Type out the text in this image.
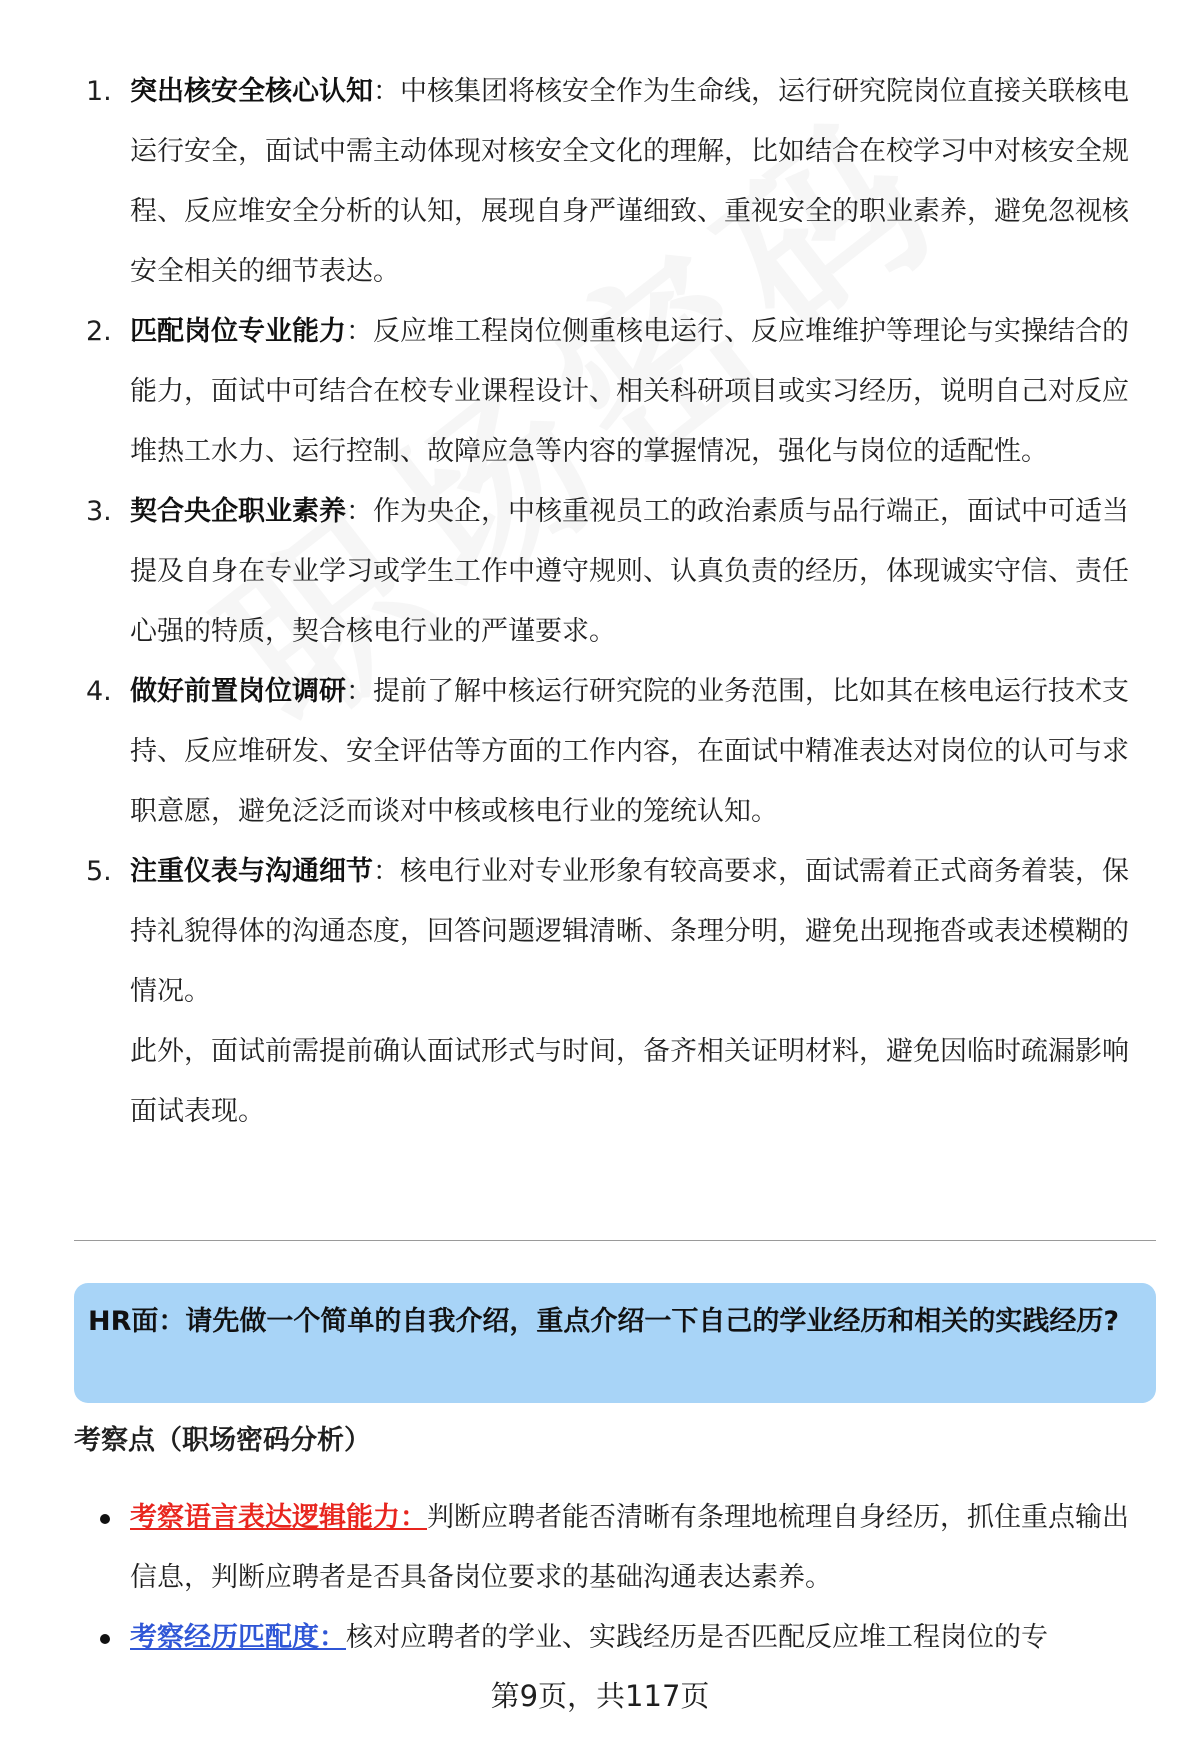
1. 突出核安全核心认知：中核集团将核安全作为生命线，运行研究院岗位直接关联核电运行安全，面试中需主动体现对核安全文化的理解，比如结合在校学习中对核安全规程、反应堆安全分析的认知，展现自身严谨细致、重视安全的职业素养，避免忽视核安全相关的细节表达。
2. 匹配岗位专业能力：反应堆工程岗位侧重核电运行、反应堆维护等理论与实操结合的能力，面试中可结合在校专业课程设计、相关科研项目或实习经历，说明自己对反应堆热工水力、运行控制、故障应急等内容的掌握情况，强化与岗位的适配性。
3. 契合央企职业素养：作为央企，中核重视员工的政治素质与品行端正，面试中可适当提及自身在专业学习或学生工作中遵守规则、认真负责的经历，体现诚实守信、责任心强的特质，契合核电行业的严谨要求。
4. 做好前置岗位调研：提前了解中核运行研究院的业务范围，比如其在核电运行技术支持、反应堆研发、安全评估等方面的工作内容，在面试中精准表达对岗位的认可与求职意愿，避免泛泛而谈对中核或核电行业的笼统认知。
5. 注重仪表与沟通细节：核电行业对专业形象有较高要求，面试需着正式商务着装，保持礼貌得体的沟通态度，回答问题逻辑清晰、条理分明，避免出现拖沓或表述模糊的情况。
此外，面试前需提前确认面试形式与时间，备齐相关证明材料，避免因临时疏漏影响面试表现。
HR面：请先做一个简单的自我介绍，重点介绍一下自己的学业经历和相关的实践经历?
考察点（职场密码分析）
考察语言表达逻辑能力：判断应聘者能否清晰有条理地梳理自身经历，抓住重点输出信息，判断应聘者是否具备岗位要求的基础沟通表达素养。
考察经历匹配度：核对应聘者的学业、实践经历是否匹配反应堆工程岗位的专
第9页，共117页
